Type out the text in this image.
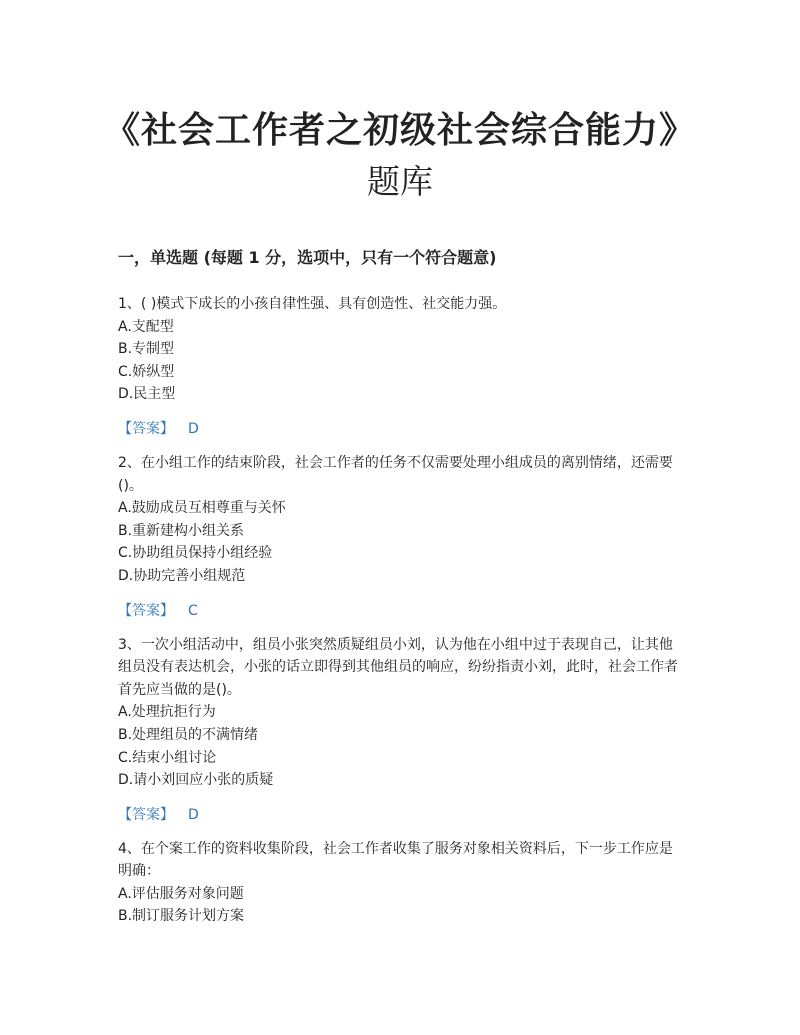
《社会工作者之初级社会综合能力》
题库
一，单选题 (每题 1 分，选项中，只有一个符合题意)

1、( )模式下成长的小孩自律性强、具有创造性、社交能力强。

A.支配型

B.专制型

C.娇纵型

D.民主型

【答案】 D

2、在小组工作的结束阶段，社会工作者的任务不仅需要处理小组成员的离别情绪，还需要()。

A.鼓励成员互相尊重与关怀

B.重新建构小组关系

C.协助组员保持小组经验

D.协助完善小组规范

【答案】 C

3、一次小组活动中，组员小张突然质疑组员小刘，认为他在小组中过于表现自己，让其他组员没有表达机会，小张的话立即得到其他组员的响应，纷纷指责小刘，此时，社会工作者首先应当做的是()。

A.处理抗拒行为

B.处理组员的不满情绪

C.结束小组讨论

D.请小刘回应小张的质疑

【答案】 D

4、在个案工作的资料收集阶段，社会工作者收集了服务对象相关资料后，下一步工作应是明确：

A.评估服务对象问题

B.制订服务计划方案
